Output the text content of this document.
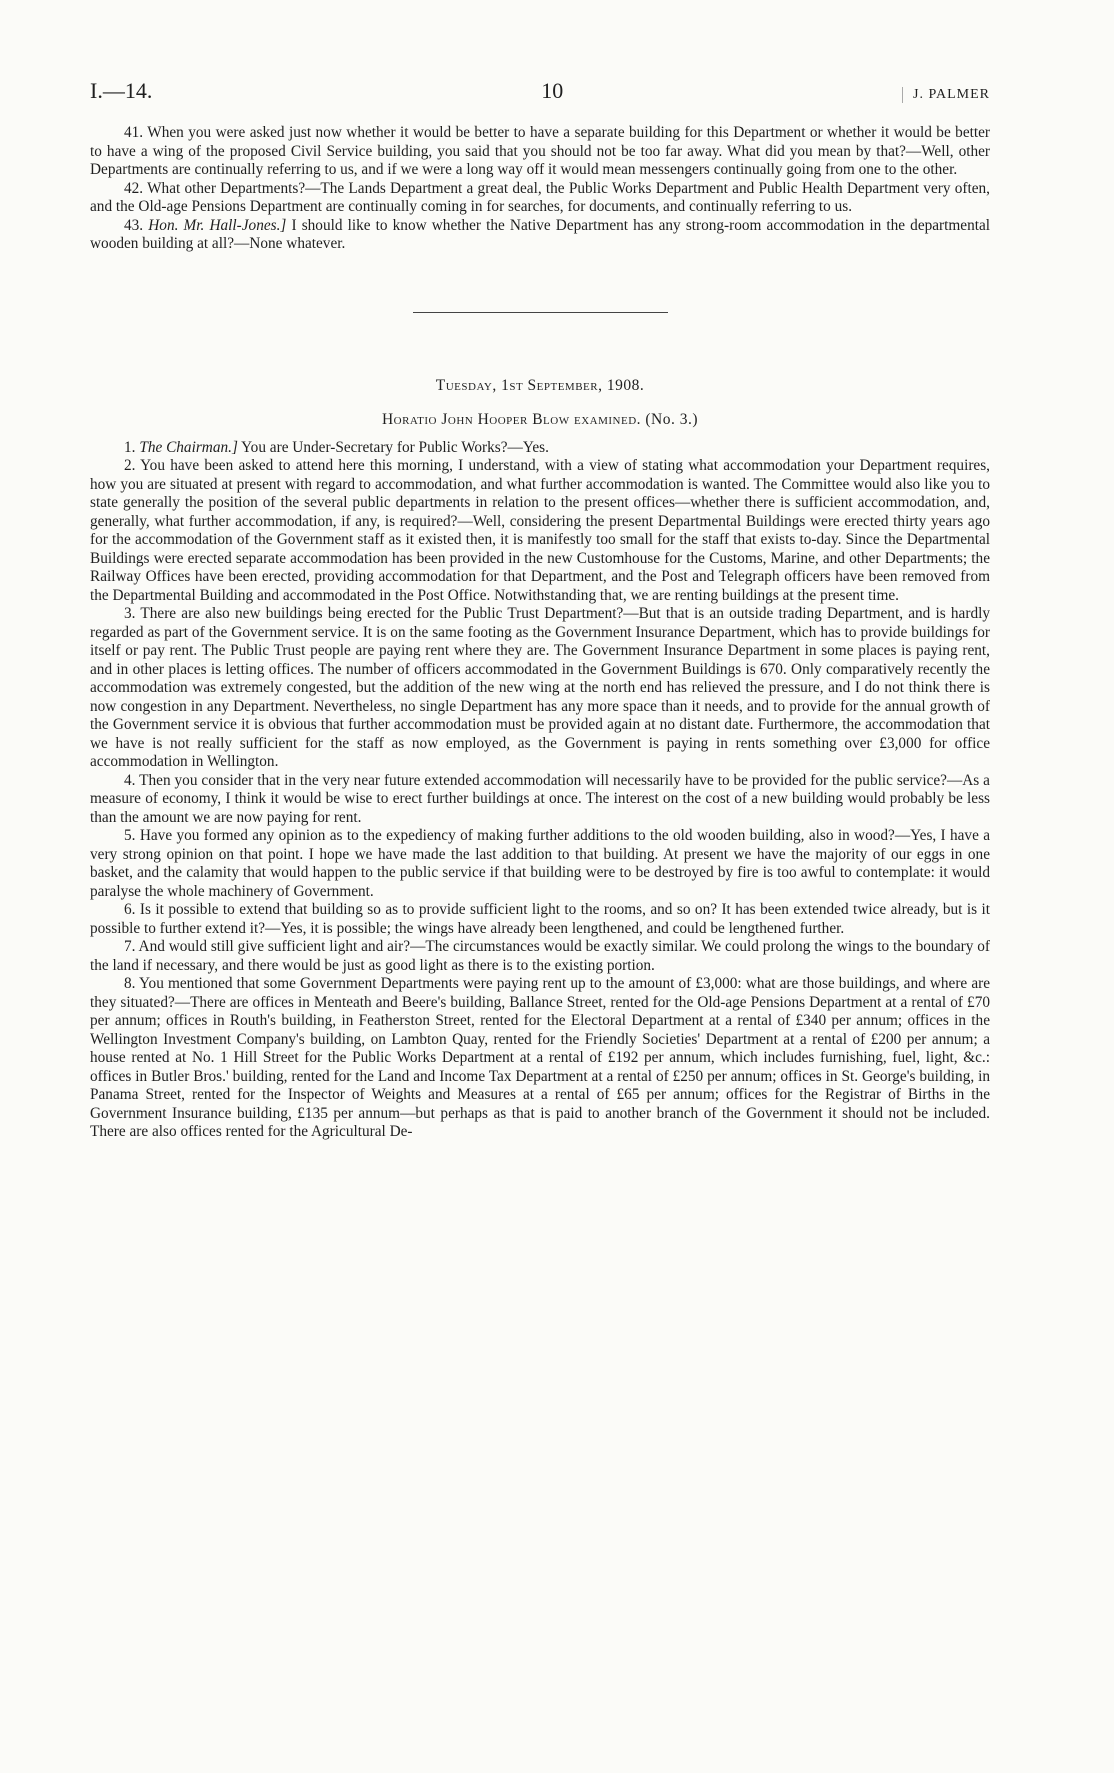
I.—14.	10	J. PALMER

41. When you were asked just now whether it would be better to have a separate building for this Department or whether it would be better to have a wing of the proposed Civil Service building, you said that you should not be too far away. What did you mean by that?—Well, other Departments are continually referring to us, and if we were a long way off it would mean messengers continually going from one to the other.

42. What other Departments?—The Lands Department a great deal, the Public Works Department and Public Health Department very often, and the Old-age Pensions Department are continually coming in for searches, for documents, and continually referring to us.

43. Hon. Mr. Hall-Jones.] I should like to know whether the Native Department has any strong-room accommodation in the departmental wooden building at all?—None whatever.

Tuesday, 1st September, 1908.
Horatio John Hooper Blow examined. (No. 3.)

1. The Chairman.] You are Under-Secretary for Public Works?—Yes.

2. You have been asked to attend here this morning, I understand, with a view of stating what accommodation your Department requires, how you are situated at present with regard to accommodation, and what further accommodation is wanted. The Committee would also like you to state generally the position of the several public departments in relation to the present offices—whether there is sufficient accommodation, and, generally, what further accommodation, if any, is required?—Well, considering the present Departmental Buildings were erected thirty years ago for the accommodation of the Government staff as it existed then, it is manifestly too small for the staff that exists to-day. Since the Departmental Buildings were erected separate accommodation has been provided in the new Customhouse for the Customs, Marine, and other Departments; the Railway Offices have been erected, providing accommodation for that Department, and the Post and Telegraph officers have been removed from the Departmental Building and accommodated in the Post Office. Notwithstanding that, we are renting buildings at the present time.

3. There are also new buildings being erected for the Public Trust Department?—But that is an outside trading Department, and is hardly regarded as part of the Government service. It is on the same footing as the Government Insurance Department, which has to provide buildings for itself or pay rent. The Public Trust people are paying rent where they are. The Government Insurance Department in some places is paying rent, and in other places is letting offices. The number of officers accommodated in the Government Buildings is 670. Only comparatively recently the accommodation was extremely congested, but the addition of the new wing at the north end has relieved the pressure, and I do not think there is now congestion in any Department. Nevertheless, no single Department has any more space than it needs, and to provide for the annual growth of the Government service it is obvious that further accommodation must be provided again at no distant date. Furthermore, the accommodation that we have is not really sufficient for the staff as now employed, as the Government is paying in rents something over £3,000 for office accommodation in Wellington.

4. Then you consider that in the very near future extended accommodation will necessarily have to be provided for the public service?—As a measure of economy, I think it would be wise to erect further buildings at once. The interest on the cost of a new building would probably be less than the amount we are now paying for rent.

5. Have you formed any opinion as to the expediency of making further additions to the old wooden building, also in wood?—Yes, I have a very strong opinion on that point. I hope we have made the last addition to that building. At present we have the majority of our eggs in one basket, and the calamity that would happen to the public service if that building were to be destroyed by fire is too awful to contemplate: it would paralyse the whole machinery of Government.

6. Is it possible to extend that building so as to provide sufficient light to the rooms, and so on? It has been extended twice already, but is it possible to further extend it?—Yes, it is possible; the wings have already been lengthened, and could be lengthened further.

7. And would still give sufficient light and air?—The circumstances would be exactly similar. We could prolong the wings to the boundary of the land if necessary, and there would be just as good light as there is to the existing portion.

8. You mentioned that some Government Departments were paying rent up to the amount of £3,000: what are those buildings, and where are they situated?—There are offices in Menteath and Beere's building, Ballance Street, rented for the Old-age Pensions Department at a rental of £70 per annum; offices in Routh's building, in Featherston Street, rented for the Electoral Department at a rental of £340 per annum; offices in the Wellington Investment Company's building, on Lambton Quay, rented for the Friendly Societies' Department at a rental of £200 per annum; a house rented at No. 1 Hill Street for the Public Works Department at a rental of £192 per annum, which includes furnishing, fuel, light, &c.: offices in Butler Bros.' building, rented for the Land and Income Tax Department at a rental of £250 per annum; offices in St. George's building, in Panama Street, rented for the Inspector of Weights and Measures at a rental of £65 per annum; offices for the Registrar of Births in the Government Insurance building, £135 per annum—but perhaps as that is paid to another branch of the Government it should not be included. There are also offices rented for the Agricultural De-
